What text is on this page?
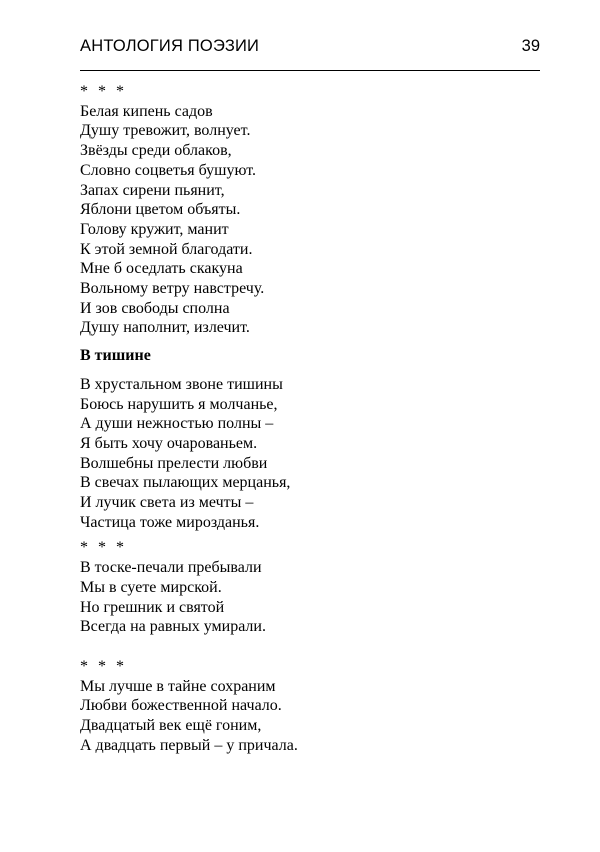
АНТОЛОГИЯ ПОЭЗИИ	39
* * *
Белая кипень садов
Душу тревожит, волнует.
Звёзды среди облаков,
Словно соцветья бушуют.
Запах сирени пьянит,
Яблони цветом объяты.
Голову кружит, манит
К этой земной благодати.
Мне б оседлать скакуна
Вольному ветру навстречу.
И зов свободы сполна
Душу наполнит, излечит.
В тишине
В хрустальном звоне тишины
Боюсь нарушить я молчанье,
А души нежностью полны –
Я быть хочу очарованьем.
Волшебны прелести любви
В свечах пылающих мерцанья,
И лучик света из мечты –
Частица тоже мирозданья.
* * *
В тоске-печали пребывали
Мы в суете мирской.
Но грешник и святой
Всегда на равных умирали.
* * *
Мы лучше в тайне сохраним
Любви божественной начало.
Двадцатый век ещё гоним,
А двадцать первый – у причала.
